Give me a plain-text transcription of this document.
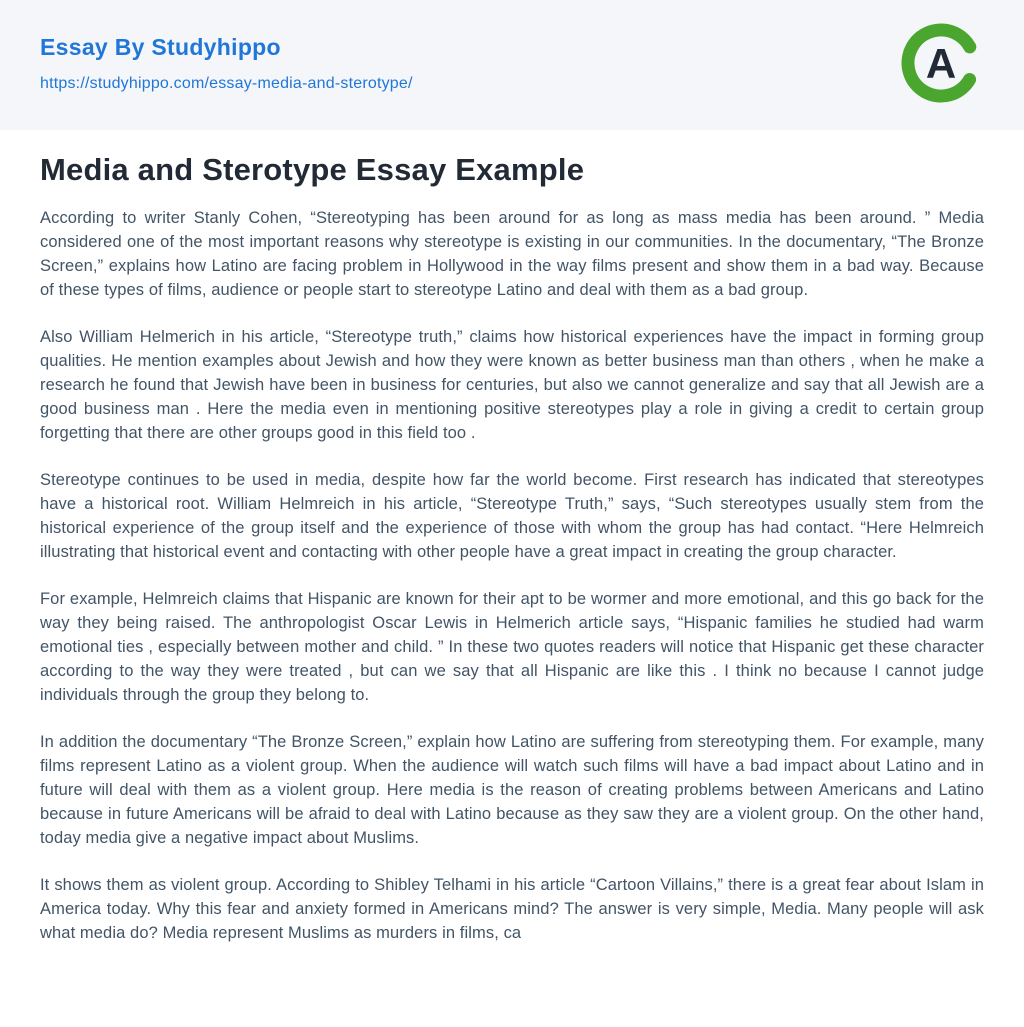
Essay By Studyhippo
https://studyhippo.com/essay-media-and-sterotype/	A
Media and Sterotype Essay Example

According to writer Stanly Cohen, “Stereotyping has been around for as long as mass media has been around. ” Media considered one of the most important reasons why stereotype is existing in our communities. In the documentary, “The Bronze Screen,” explains how Latino are facing problem in Hollywood in the way films present and show them in a bad way. Because of these types of films, audience or people start to stereotype Latino and deal with them as a bad group.

Also William Helmerich in his article, “Stereotype truth,” claims how historical experiences have the impact in forming group qualities. He mention examples about Jewish and how they were known as better business man than others , when he make a research he found that Jewish have been in business for centuries, but also we cannot generalize and say that all Jewish are a good business man . Here the media even in mentioning positive stereotypes play a role in giving a credit to certain group forgetting that there are other groups good in this field too .

Stereotype continues to be used in media, despite how far the world become. First research has indicated that stereotypes have a historical root. William Helmreich in his article, “Stereotype Truth,” says, “Such stereotypes usually stem from the historical experience of the group itself and the experience of those with whom the group has had contact. “Here Helmreich illustrating that historical event and contacting with other people have a great impact in creating the group character.

For example, Helmreich claims that Hispanic are known for their apt to be wormer and more emotional, and this go back for the way they being raised. The anthropologist Oscar Lewis in Helmerich article says, “Hispanic families he studied had warm emotional ties , especially between mother and child. ” In these two quotes readers will notice that Hispanic get these character according to the way they were treated , but can we say that all Hispanic are like this . I think no because I cannot judge individuals through the group they belong to.

In addition the documentary “The Bronze Screen,” explain how Latino are suffering from stereotyping them. For example, many films represent Latino as a violent group. When the audience will watch such films will have a bad impact about Latino and in future will deal with them as a violent group. Here media is the reason of creating problems between Americans and Latino because in future Americans will be afraid to deal with Latino because as they saw they are a violent group. On the other hand, today media give a negative impact about Muslims.

It shows them as violent group. According to Shibley Telhami in his article “Cartoon Villains,” there is a great fear about Islam in America today. Why this fear and anxiety formed in Americans mind? The answer is very simple, Media. Many people will ask what media do? Media represent Muslims as murders in films, ca
